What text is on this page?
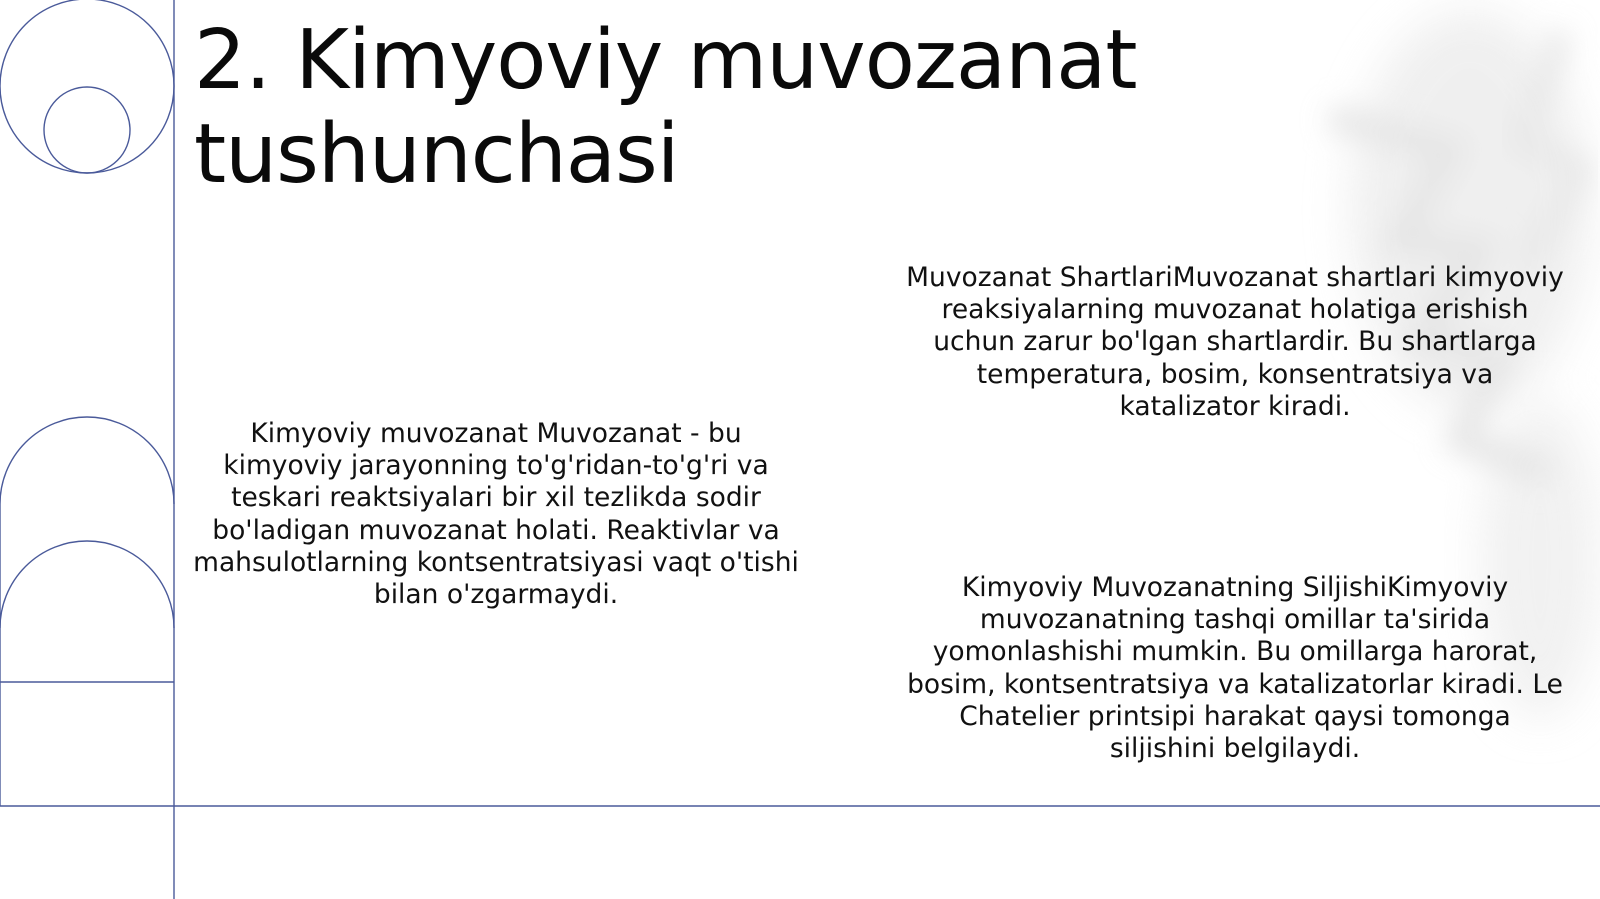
2. Kimyoviy muvozanat tushunchasi

Kimyoviy muvozanat Muvozanat - bu kimyoviy jarayonning to'g'ridan-to'g'ri va teskari reaktsiyalari bir xil tezlikda sodir bo'ladigan muvozanat holati. Reaktivlar va mahsulotlarning kontsentratsiyasi vaqt o'tishi bilan o'zgarmaydi.

Muvozanat ShartlariMuvozanat shartlari kimyoviy reaksiyalarning muvozanat holatiga erishish uchun zarur bo'lgan shartlardir. Bu shartlarga temperatura, bosim, konsentratsiya va katalizator kiradi.

Kimyoviy Muvozanatning SiljishiKimyoviy muvozanatning tashqi omillar ta'sirida yomonlashishi mumkin. Bu omillarga harorat, bosim, kontsentratsiya va katalizatorlar kiradi. Le Chatelier printsipi harakat qaysi tomonga siljishini belgilaydi.
